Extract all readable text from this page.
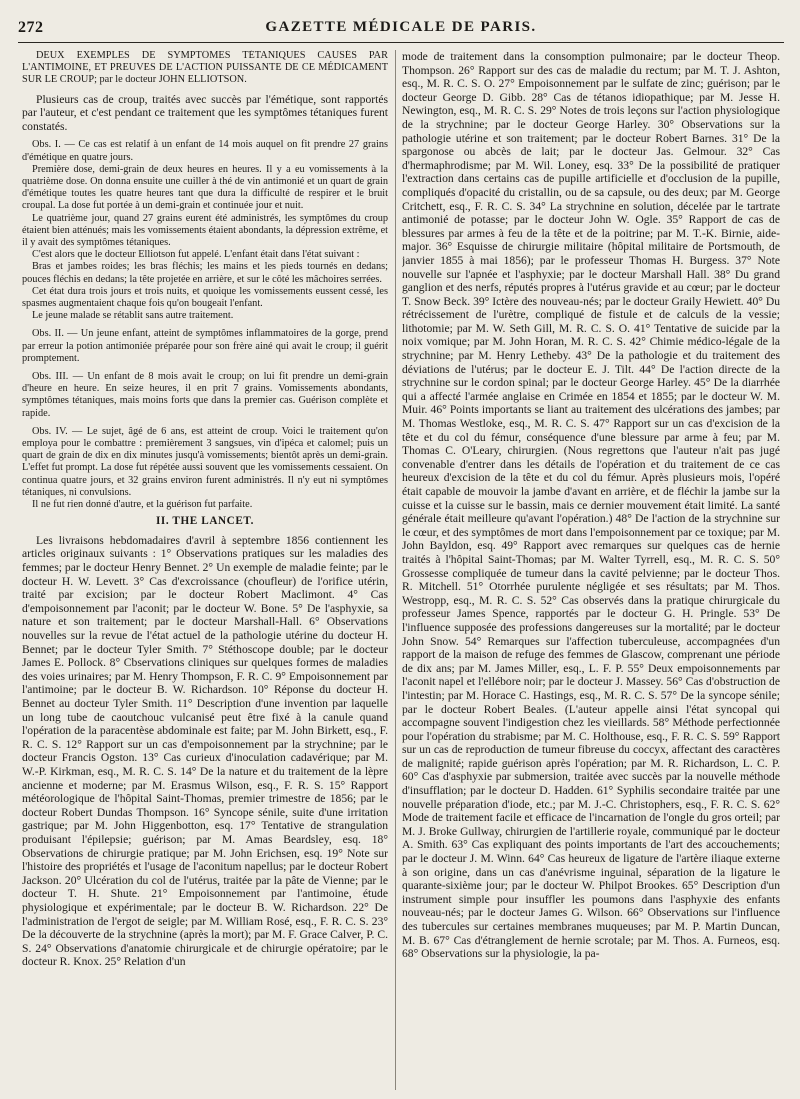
272	GAZETTE MÉDICALE DE PARIS.

DEUX EXEMPLES DE SYMPTÔMES TÉTANIQUES CAUSÉS PAR L'ANTIMOINE, ET PREUVES DE L'ACTION PUISSANTE DE CE MÉDICAMENT SUR LE CROUP; par le docteur JOHN ELLIOTSON.

Plusieurs cas de croup, traités avec succès par l'émétique, sont rapportés par l'auteur, et c'est pendant ce traitement que les symptômes tétaniques furent constatés.

Obs. I. — Ce cas est relatif à un enfant de 14 mois auquel on fit prendre 27 grains d'émétique en quatre jours.

Première dose, demi-grain de deux heures en heures. Il y a eu vomissements à la quatrième dose. On donna ensuite une cuiller à thé de vin antimonié et un quart de grain d'émétique toutes les quatre heures tant que dura la difficulté de respirer et le bruit croupal. La dose fut portée à un demi-grain et continuée jour et nuit.

Le quatrième jour, quand 27 grains eurent été administrés, les symptômes du croup étaient bien atténués; mais les vomissements étaient abondants, la dépression extrême, et il y avait des symptômes tétaniques.

C'est alors que le docteur Elliotson fut appelé. L'enfant était dans l'état suivant :

Bras et jambes roides; les bras fléchis; les mains et les pieds tournés en dedans; pouces fléchis en dedans; la tête projetée en arrière, et sur le côté les mâchoires serrées.

Cet état dura trois jours et trois nuits, et quoique les vomissements eussent cessé, les spasmes augmentaient chaque fois qu'on bougeait l'enfant.

Le jeune malade se rétablit sans autre traitement.

Obs. II. — Un jeune enfant, atteint de symptômes inflammatoires de la gorge, prend par erreur la potion antimoniée préparée pour son frère ainé qui avait le croup; il guérit promptement.

Obs. III. — Un enfant de 8 mois avait le croup; on lui fit prendre un demi-grain d'heure en heure. En seize heures, il en prit 7 grains. Vomissements abondants, symptômes tétaniques, mais moins forts que dans la premier cas. Guérison complète et rapide.

Obs. IV. — Le sujet, âgé de 6 ans, est atteint de croup. Voici le traitement qu'on employa pour le combattre : premièrement 3 sangsues, vin d'ipéca et calomel; puis un quart de grain de dix en dix minutes jusqu'à vomissements; bientôt après un demi-grain. L'effet fut prompt. La dose fut répétée aussi souvent que les vomissements cessaient. On continua quatre jours, et 32 grains environ furent administrés. Il n'y eut ni symptômes tétaniques, ni convulsions.

Il ne fut rien donné d'autre, et la guérison fut parfaite.

II. THE LANCET.

Les livraisons hebdomadaires d'avril à septembre 1856 contiennent les articles originaux suivants : 1° Observations pratiques sur les maladies des femmes; par le docteur Henry Bennet. 2° Un exemple de maladie feinte; par le docteur H. W. Levett. 3° Cas d'excroissance (choufleur) de l'orifice utérin, traité par excision; par le docteur Robert Maclimont. 4° Cas d'empoisonnement par l'aconit; par le docteur W. Bone. 5° De l'asphyxie, sa nature et son traitement; par le docteur Marshall-Hall. 6° Observations nouvelles sur la revue de l'état actuel de la pathologie utérine du docteur H. Bennet; par le docteur Tyler Smith. 7° Stéthoscope double; par le docteur James E. Pollock. 8° Cbservations cliniques sur quelques formes de maladies des voies urinaires; par M. Henry Thompson, F. R. C. 9° Empoisonnement par l'antimoine; par le docteur B. W. Richardson. 10° Réponse du docteur H. Bennet au docteur Tyler Smith. 11° Description d'une invention par laquelle un long tube de caoutchouc vulcanisé peut être fixé à la canule quand l'opération de la paracentèse abdominale est faite; par M. John Birkett, esq., F. R. C. S. 12° Rapport sur un cas d'empoisonnement par la strychnine; par le docteur Francis Ogston. 13° Cas curieux d'inoculation cadavérique; par M. W.-P. Kirkman, esq., M. R. C. S. 14° De la nature et du traitement de la lèpre ancienne et moderne; par M. Erasmus Wilson, esq., F. R. S. 15° Rapport météorologique de l'hôpital Saint-Thomas, premier trimestre de 1856; par le docteur Robert Dundas Thompson. 16° Syncope sénile, suite d'une irritation gastrique; par M. John Higgenbotton, esq. 17° Tentative de strangulation produisant l'épilepsie; guérison; par M. Amas Beardsley, esq. 18° Observations de chirurgie pratique; par M. John Erichsen, esq. 19° Note sur l'histoire des propriétés et l'usage de l'aconitum napellus; par le docteur Robert Jackson. 20° Ulcération du col de l'utérus, traitée par la pâte de Vienne; par le docteur T. H. Shute. 21° Empoisonnement par l'antimoine, étude physiologique et expérimentale; par le docteur B. W. Richardson. 22° De l'administration de l'ergot de seigle; par M. William Rosé, esq., F. R. C. S. 23° De la découverte de la strychnine (après la mort); par M. F. Grace Calver, P. C. S. 24° Observations d'anatomie chirurgicale et de chirurgie opératoire; par le docteur R. Knox. 25° Relation d'un

mode de traitement dans la consomption pulmonaire; par le docteur Theop. Thompson. 26° Rapport sur des cas de maladie du rectum; par M. T. J. Ashton, esq., M. R. C. S. O. 27° Empoisonnement par le sulfate de zinc; guérison; par le docteur George D. Gibb. 28° Cas de tétanos idiopathique; par M. Jesse H. Newington, esq., M. R. C. S. 29° Notes de trois leçons sur l'action physiologique de la strychnine; par le docteur George Harley. 30° Observations sur la pathologie utérine et son traitement; par le docteur Robert Barnes. 31° De la spargonose ou abcès de lait; par le docteur Jas. Gelmour. 32° Cas d'hermaphrodisme; par M. Wil. Loney, esq. 33° De la possibilité de pratiquer l'extraction dans certains cas de pupille artificielle et d'occlusion de la pupille, compliqués d'opacité du cristallin, ou de sa capsule, ou des deux; par M. George Critchett, esq., F. R. C. S. 34° La strychnine en solution, décelée par le tartrate antimonié de potasse; par le docteur John W. Ogle. 35° Rapport de cas de blessures par armes à feu de la tête et de la poitrine; par M. T.-K. Birnie, aide-major. 36° Esquisse de chirurgie militaire (hôpital militaire de Portsmouth, de janvier 1855 à mai 1856); par le professeur Thomas H. Burgess. 37° Note nouvelle sur l'apnée et l'asphyxie; par le docteur Marshall Hall. 38° Du grand ganglion et des nerfs, réputés propres à l'utérus gravide et au cœur; par le docteur T. Snow Beck. 39° Ictère des nouveau-nés; par le docteur Graily Hewiett. 40° Du rétrécissement de l'urètre, compliqué de fistule et de calculs de la vessie; lithotomie; par M. W. Seth Gill, M. R. C. S. O. 41° Tentative de suicide par la noix vomique; par M. John Horan, M. R. C. S. 42° Chimie médico-légale de la strychnine; par M. Henry Letheby. 43° De la pathologie et du traitement des déviations de l'utérus; par le docteur E. J. Tilt. 44° De l'action directe de la strychnine sur le cordon spinal; par le docteur George Harley. 45° De la diarrhée qui a affecté l'armée anglaise en Crimée en 1854 et 1855; par le docteur W. M. Muir. 46° Points importants se liant au traitement des ulcérations des jambes; par M. Thomas Westloke, esq., M. R. C. S. 47° Rapport sur un cas d'excision de la tête et du col du fémur, conséquence d'une blessure par arme à feu; par M. Thomas C. O'Leary, chirurgien. (Nous regrettons que l'auteur n'ait pas jugé convenable d'entrer dans les détails de l'opération et du traitement de ce cas heureux d'excision de la tête et du col du fémur. Après plusieurs mois, l'opéré était capable de mouvoir la jambe d'avant en arrière, et de fléchir la jambe sur la cuisse et la cuisse sur le bassin, mais ce dernier mouvement était limité. La santé générale était meilleure qu'avant l'opération.) 48° De l'action de la strychnine sur le cœur, et des symptômes de mort dans l'empoisonnement par ce toxique; par M. John Bayldon, esq. 49° Rapport avec remarques sur quelques cas de hernie traités à l'hôpital Saint-Thomas; par M. Walter Tyrrell, esq., M. R. C. S. 50° Grossesse compliquée de tumeur dans la cavité pelvienne; par le docteur Thos. R. Mitchell. 51° Otorrhée purulente négligée et ses résultats; par M. Thos. Westropp, esq., M. R. C. S. 52° Cas observés dans la pratique chirurgicale du professeur James Spence, rapportés par le docteur G. H. Pringle. 53° De l'influence supposée des professions dangereuses sur la mortalité; par le docteur John Snow. 54° Remarques sur l'affection tuberculeuse, accompagnées d'un rapport de la maison de refuge des femmes de Glascow, comprenant une période de dix ans; par M. James Miller, esq., L. F. P. 55° Deux empoisonnements par l'aconit napel et l'ellébore noir; par le docteur J. Massey. 56° Cas d'obstruction de l'intestin; par M. Horace C. Hastings, esq., M. R. C. S. 57° De la syncope sénile; par le docteur Robert Beales. (L'auteur appelle ainsi l'état syncopal qui accompagne souvent l'indigestion chez les vieillards. 58° Méthode perfectionnée pour l'opération du strabisme; par M. C. Holthouse, esq., F. R. C. S. 59° Rapport sur un cas de reproduction de tumeur fibreuse du coccyx, affectant des caractères de malignité; rapide guérison après l'opération; par M. R. Richardson, L. C. P. 60° Cas d'asphyxie par submersion, traitée avec succès par la nouvelle méthode d'insufflation; par le docteur D. Hadden. 61° Syphilis secondaire traitée par une nouvelle préparation d'iode, etc.; par M. J.-C. Christophers, esq., F. R. C. S. 62° Mode de traitement facile et efficace de l'incarnation de l'ongle du gros orteil; par M. J. Broke Gullway, chirurgien de l'artillerie royale, communiqué par le docteur A. Smith. 63° Cas expliquant des points importants de l'art des accouchements; par le docteur J. M. Winn. 64° Cas heureux de ligature de l'artère iliaque externe à son origine, dans un cas d'anévrisme inguinal, séparation de la ligature le quarante-sixième jour; par le docteur W. Philpot Brookes. 65° Description d'un instrument simple pour insuffler les poumons dans l'asphyxie des enfants nouveau-nés; par le docteur James G. Wilson. 66° Observations sur l'influence des tubercules sur certaines membranes muqueuses; par M. P. Martin Duncan, M. B. 67° Cas d'étranglement de hernie scrotale; par M. Thos. A. Furneos, esq. 68° Observations sur la physiologie, la pa-
